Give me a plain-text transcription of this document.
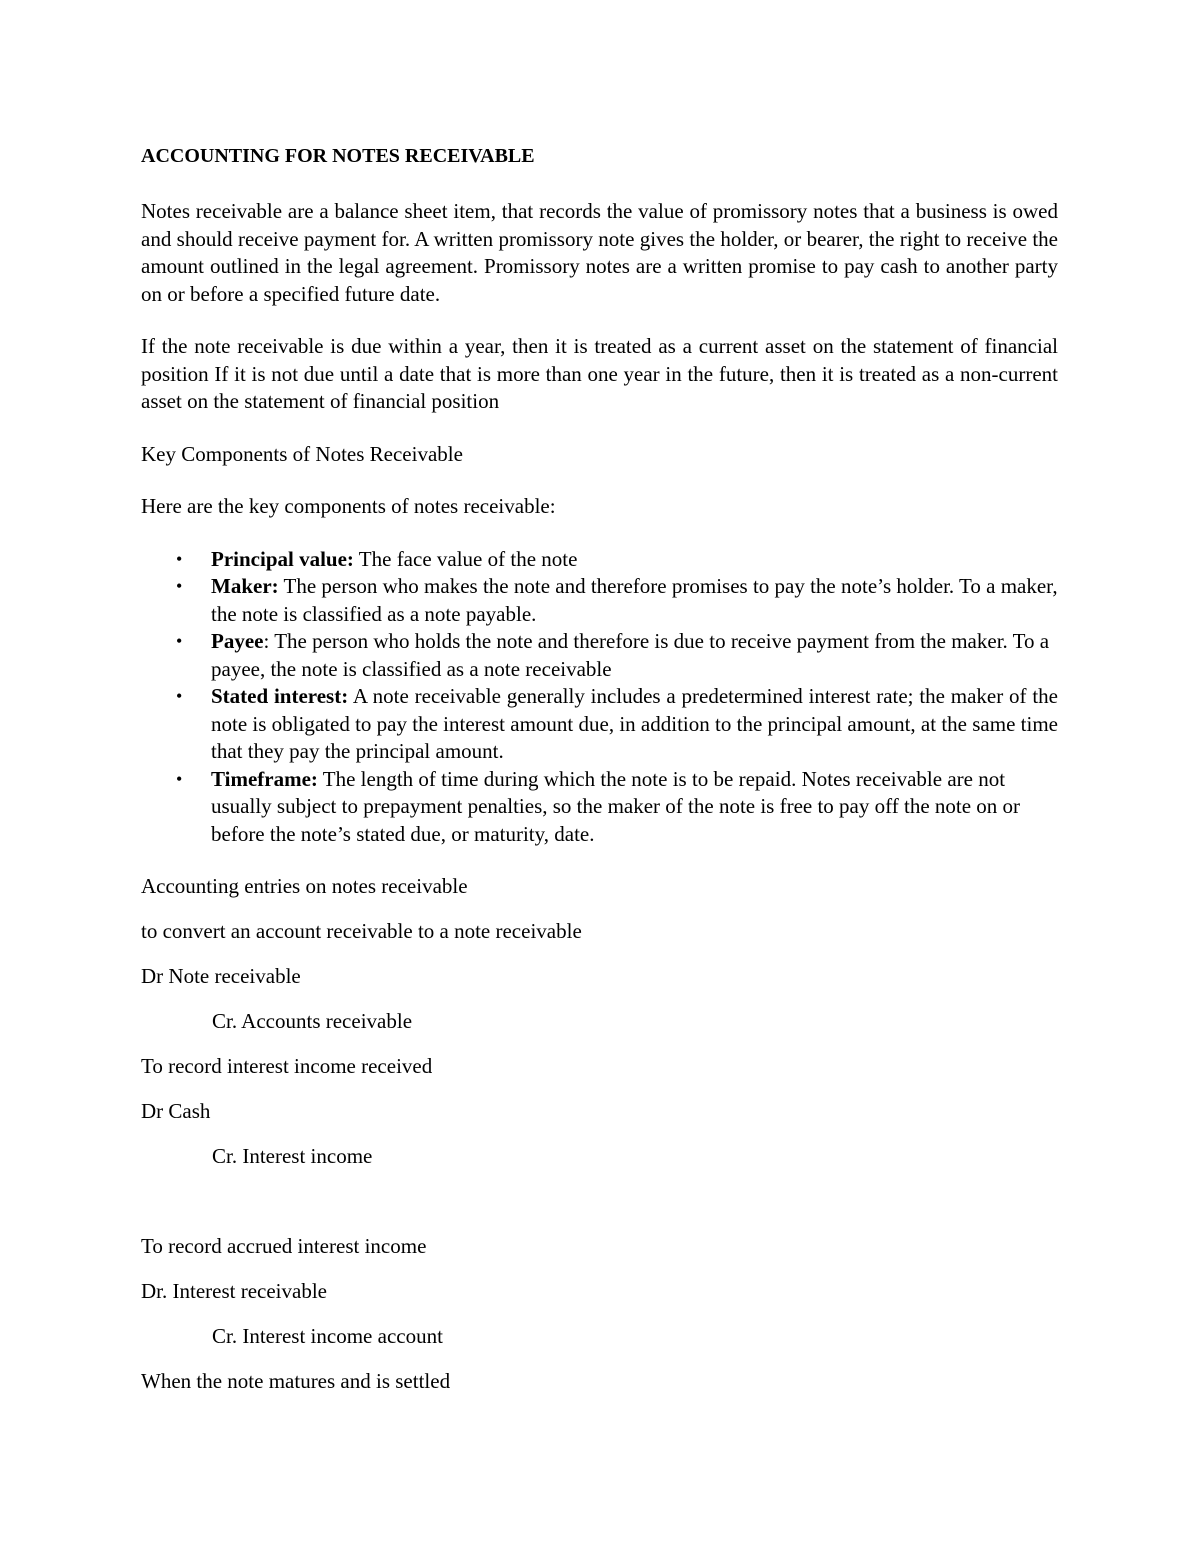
ACCOUNTING FOR NOTES RECEIVABLE

Notes receivable are a balance sheet item, that records the value of promissory notes that a business is owed and should receive payment for. A written promissory note gives the holder, or bearer, the right to receive the amount outlined in the legal agreement. Promissory notes are a written promise to pay cash to another party on or before a specified future date.

If the note receivable is due within a year, then it is treated as a current asset on the statement of financial position If it is not due until a date that is more than one year in the future, then it is treated as a non-current asset on the statement of financial position

Key Components of Notes Receivable

Here are the key components of notes receivable:

• Principal value: The face value of the note
• Maker: The person who makes the note and therefore promises to pay the note’s holder. To a maker, the note is classified as a note payable.
• Payee: The person who holds the note and therefore is due to receive payment from the maker. To a payee, the note is classified as a note receivable
• Stated interest: A note receivable generally includes a predetermined interest rate; the maker of the note is obligated to pay the interest amount due, in addition to the principal amount, at the same time that they pay the principal amount.
• Timeframe: The length of time during which the note is to be repaid. Notes receivable are not usually subject to prepayment penalties, so the maker of the note is free to pay off the note on or before the note’s stated due, or maturity, date.

Accounting entries on notes receivable

to convert an account receivable to a note receivable

Dr Note receivable

Cr. Accounts receivable

To record interest income received

Dr Cash

Cr. Interest income

To record accrued interest income

Dr. Interest receivable

Cr. Interest income account

When the note matures and is settled
